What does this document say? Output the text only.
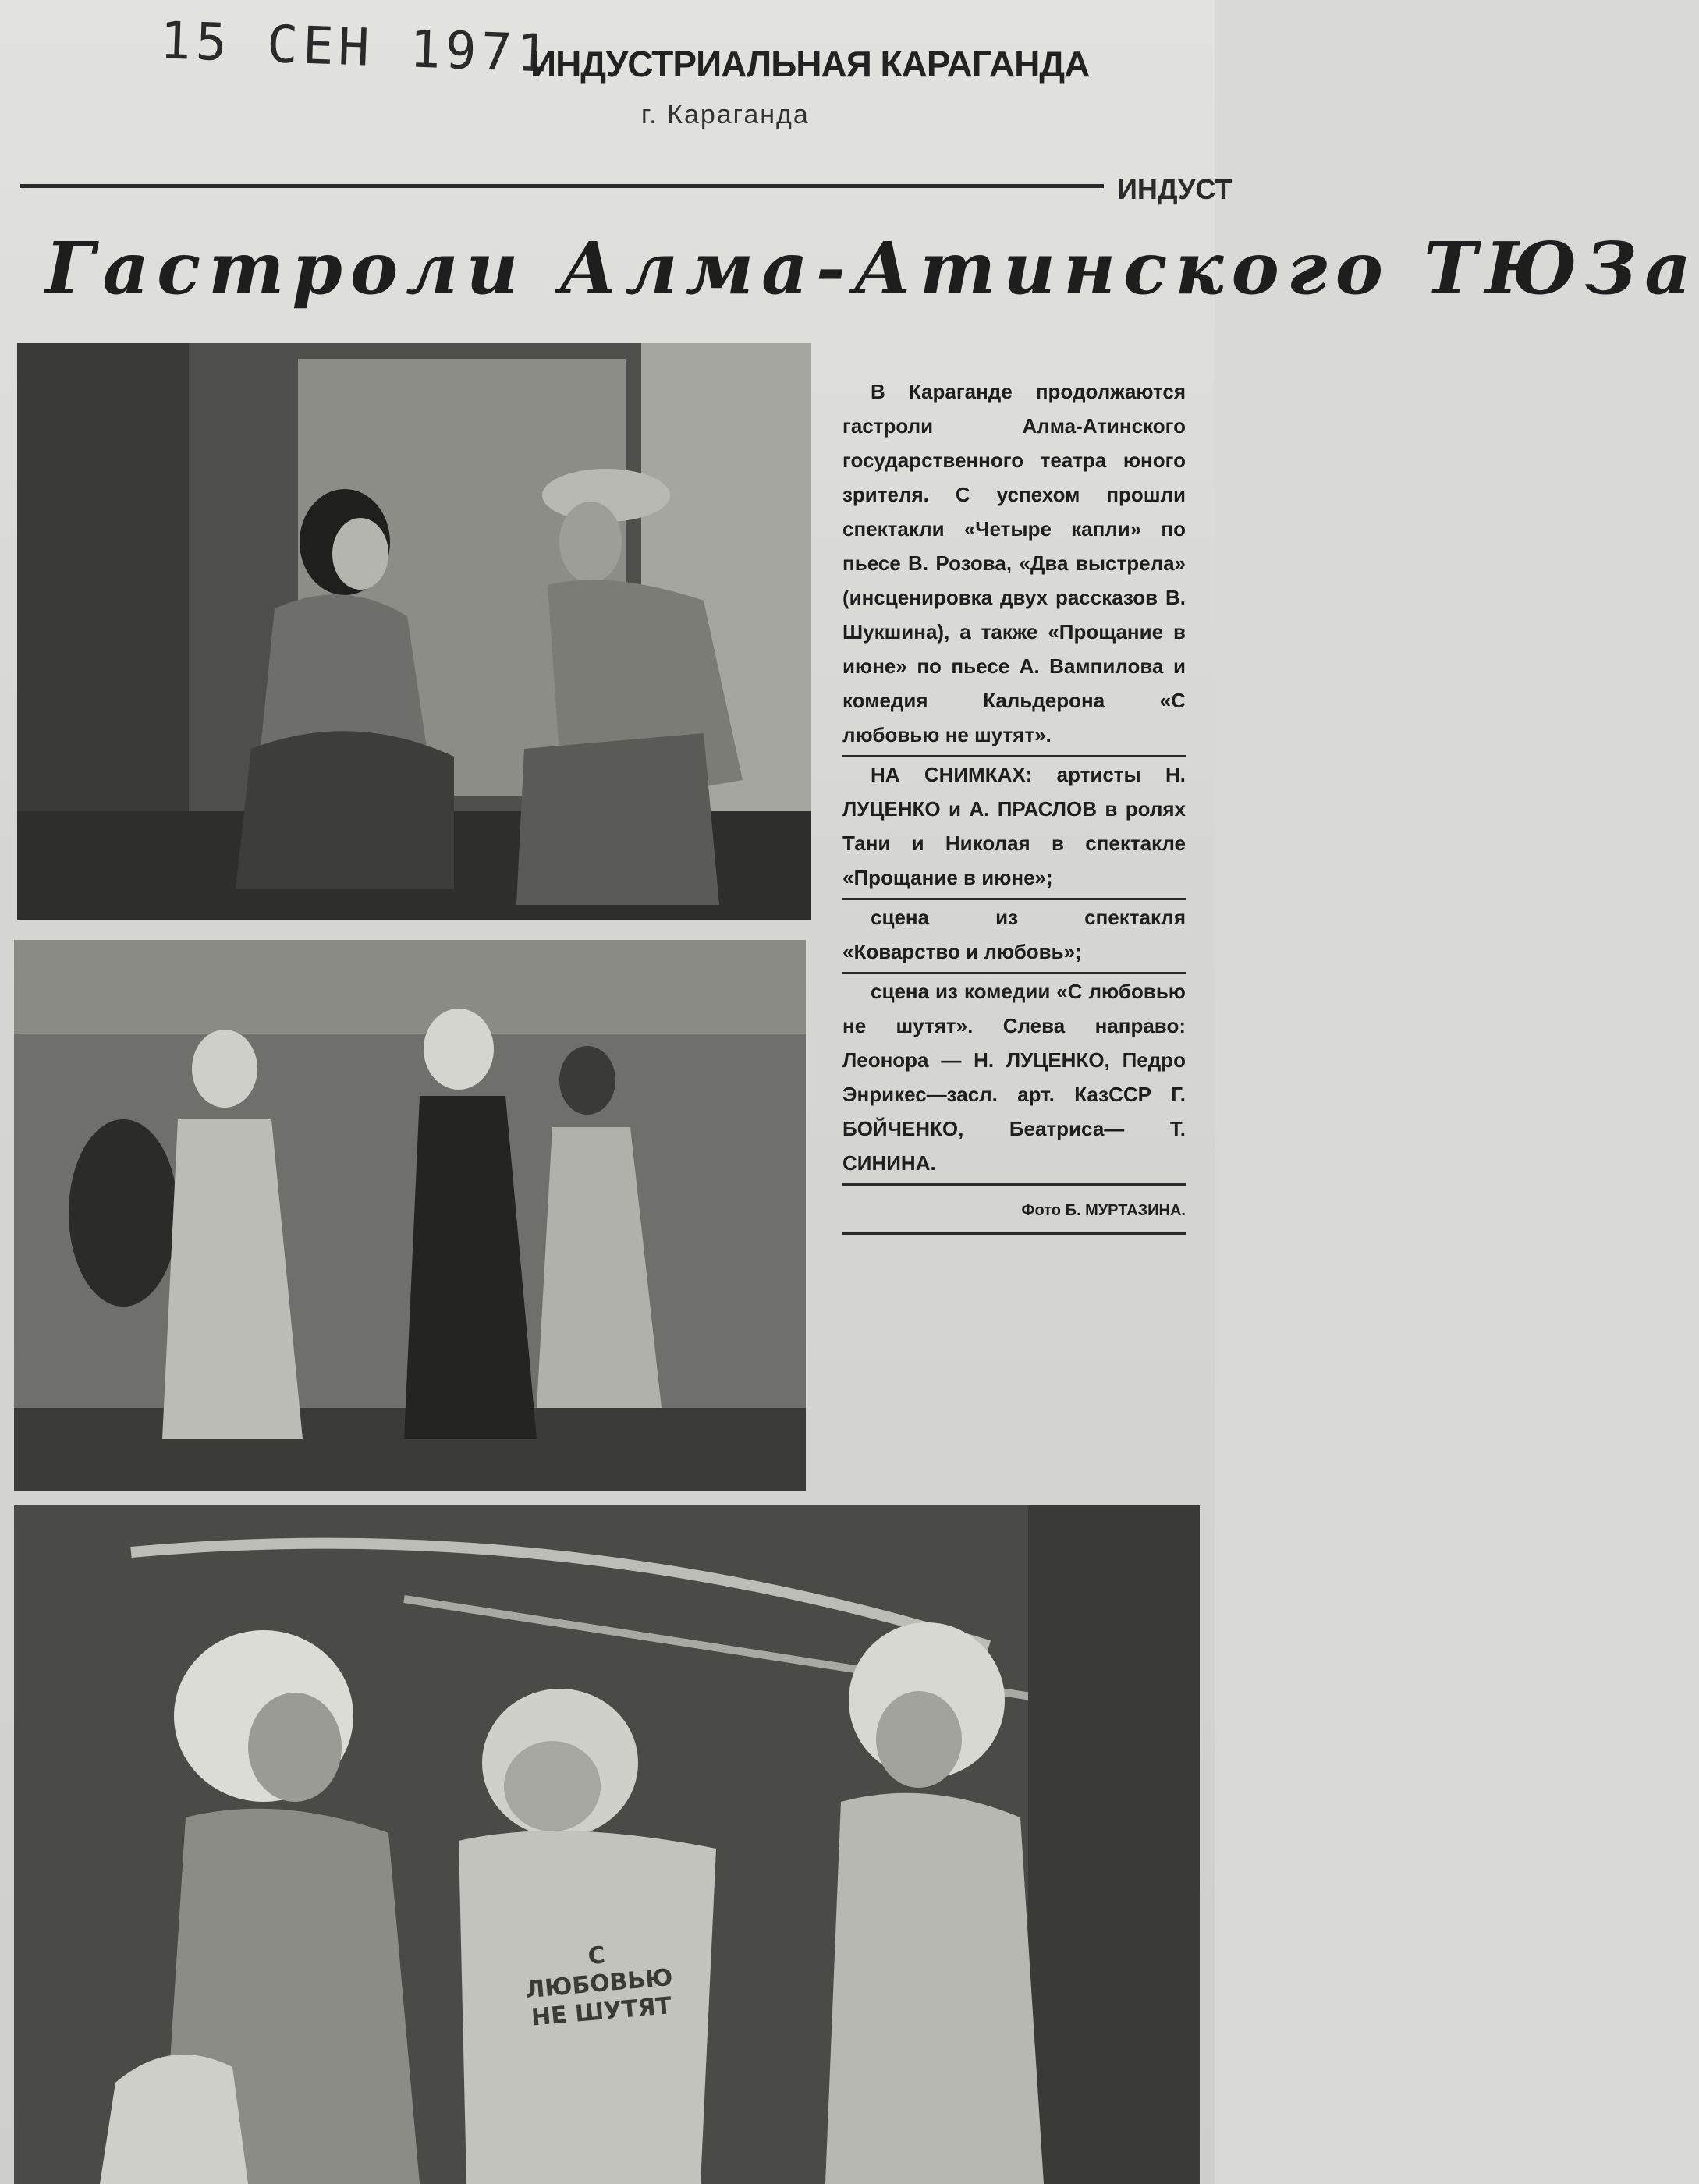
15 СЕН 1971
ИНДУСТРИАЛЬНАЯ КАРАГАНДА
г. Караганда
ИНДУСТ
Гастроли Алма-Атинского ТЮЗа
С ЛЮБОВЬЮ НЕ ШУТЯТ

В Караганде продолжаются гастроли Алма-Атинского государственного театра юного зрителя. С успехом прошли спектакли «Четыре капли» по пьесе В. Розова, «Два выстрела» (инсценировка двух рассказов В. Шукшина), а также «Прощание в июне» по пьесе А. Вампилова и комедия Кальдерона «С любовью не шутят».

НА СНИМКАХ: артисты Н. ЛУЦЕНКО и А. ПРАСЛОВ в ролях Тани и Николая в спектакле «Прощание в июне»;

сцена из спектакля «Коварство и любовь»;

сцена из комедии «С любовью не шутят». Слева направо: Леонора — Н. ЛУЦЕНКО, Педро Энрикес—засл. арт. КазССР Г. БОЙЧЕНКО, Беатриса— Т. СИНИНА.

Фото Б. МУРТАЗИНА.
